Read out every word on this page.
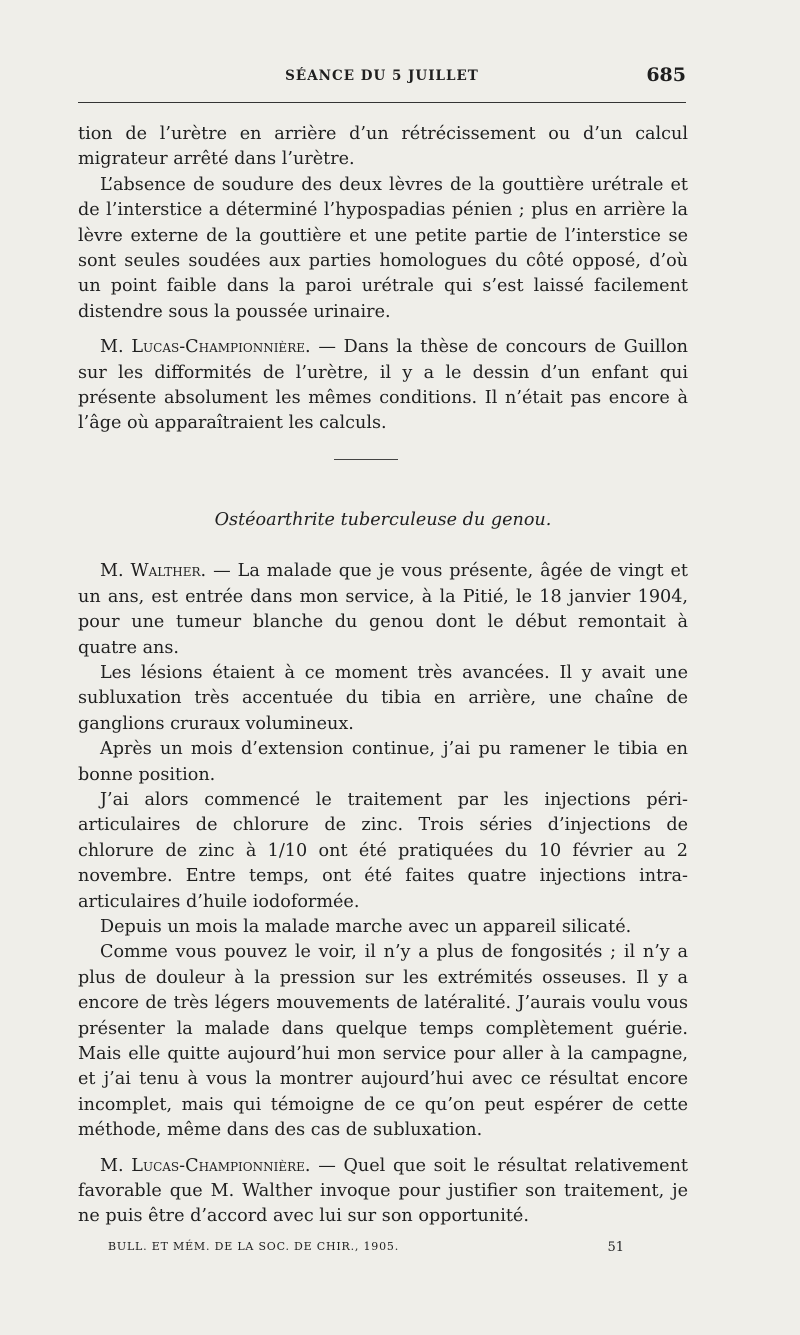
SÉANCE DU 5 JUILLET	685

tion de l’urètre en arrière d’un rétrécissement ou d’un calcul migrateur arrêté dans l’urètre.

L’absence de soudure des deux lèvres de la gouttière urétrale et de l’interstice a déterminé l’hypospadias pénien ; plus en arrière la lèvre externe de la gouttière et une petite partie de l’interstice se sont seules soudées aux parties homologues du côté opposé, d’où un point faible dans la paroi urétrale qui s’est laissé facilement distendre sous la poussée urinaire.

M. Lucas-Championnière. — Dans la thèse de concours de Guillon sur les difformités de l’urètre, il y a le dessin d’un enfant qui présente absolument les mêmes conditions. Il n’était pas encore à l’âge où apparaîtraient les calculs.

Ostéoarthrite tuberculeuse du genou.

M. Walther. — La malade que je vous présente, âgée de vingt et un ans, est entrée dans mon service, à la Pitié, le 18 janvier 1904, pour une tumeur blanche du genou dont le début remontait à quatre ans.

Les lésions étaient à ce moment très avancées. Il y avait une subluxation très accentuée du tibia en arrière, une chaîne de ganglions cruraux volumineux.

Après un mois d’extension continue, j’ai pu ramener le tibia en bonne position.

J’ai alors commencé le traitement par les injections péri-articulaires de chlorure de zinc. Trois séries d’injections de chlorure de zinc à 1/10 ont été pratiquées du 10 février au 2 novembre. Entre temps, ont été faites quatre injections intra-articulaires d’huile iodoformée.

Depuis un mois la malade marche avec un appareil silicaté.

Comme vous pouvez le voir, il n’y a plus de fongosités ; il n’y a plus de douleur à la pression sur les extrémités osseuses. Il y a encore de très légers mouvements de latéralité. J’aurais voulu vous présenter la malade dans quelque temps complètement guérie. Mais elle quitte aujourd’hui mon service pour aller à la campagne, et j’ai tenu à vous la montrer aujourd’hui avec ce résultat encore incomplet, mais qui témoigne de ce qu’on peut espérer de cette méthode, même dans des cas de subluxation.

M. Lucas-Championnière. — Quel que soit le résultat relativement favorable que M. Walther invoque pour justifier son traitement, je ne puis être d’accord avec lui sur son opportunité.

BULL. ET MÉM. DE LA SOC. DE CHIR., 1905.	51
